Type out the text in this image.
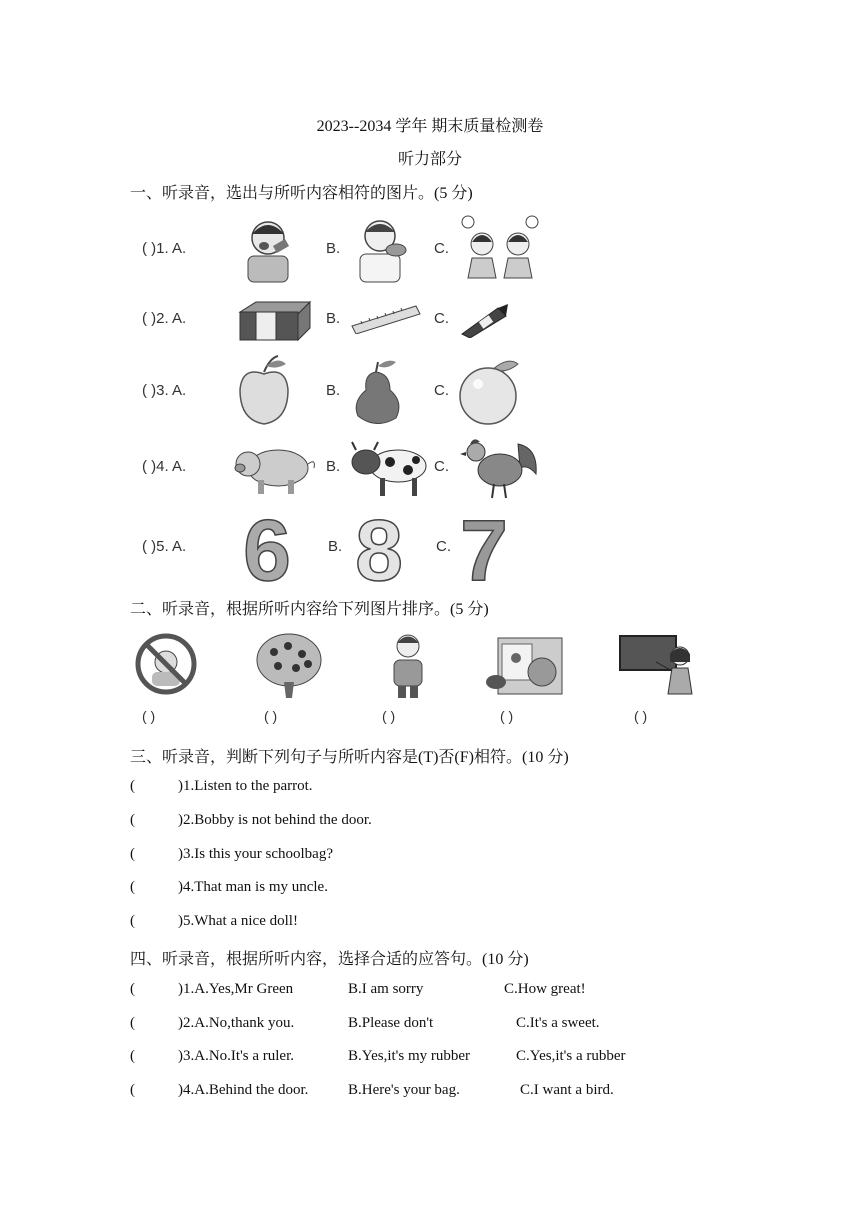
2023--2034 学年 期末质量检测卷
听力部分
一、听录音，选出与所听内容相符的图片。(5 分)
( )1. A.	B.	C.
( )2. A.	B.	C.
( )3. A.	B.	C.
( )4. A.	B.	C.
( )5. A. 6 B. 8 C. 7
二、听录音，根据所听内容给下列图片排序。(5 分)
( )	( )	( )	( )	( )
三、听录音，判断下列句子与所听内容是(T)否(F)相符。(10 分)
(	)1.Listen to the parrot.
(	)2.Bobby is not behind the door.
(	)3.Is this your schoolbag?
(	)4.That man is my uncle.
(	)5.What a nice doll!
四、听录音，根据所听内容，选择合适的应答句。(10 分)
(	)1.A.Yes,Mr Green	B.I am sorry	C.How great!
(	)2.A.No,thank you.	B.Please don't	C.It's a sweet.
(	)3.A.No.It's a ruler.	B.Yes,it's my rubber	C.Yes,it's a rubber
(	)4.A.Behind the door.	B.Here's your bag.	C.I want a bird.
